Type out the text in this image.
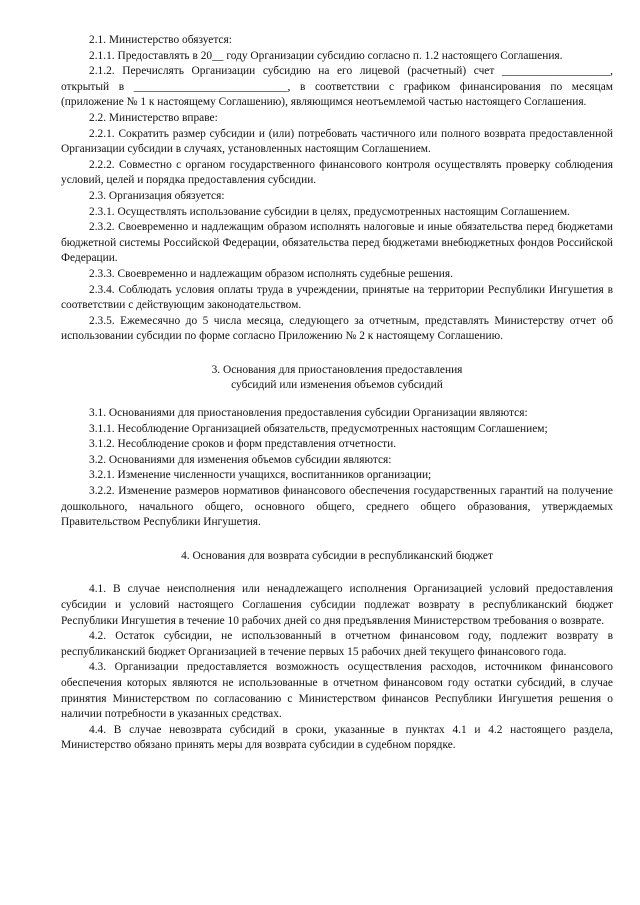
2.1. Министерство обязуется:

2.1.1. Предоставлять в 20__ году Организации субсидию согласно п. 1.2 настоящего Соглашения.

2.1.2. Перечислять Организации субсидию на его лицевой (расчетный) счет ___________________, открытый в ___________________________, в соответствии с графиком финансирования по месяцам (приложение № 1 к настоящему Соглашению), являющимся неотъемлемой частью настоящего Соглашения.

2.2. Министерство вправе:

2.2.1. Сократить размер субсидии и (или) потребовать частичного или полного возврата предоставленной Организации субсидии в случаях, установленных настоящим Соглашением.

2.2.2. Совместно с органом государственного финансового контроля осуществлять проверку соблюдения условий, целей и порядка предоставления субсидии.

2.3. Организация обязуется:

2.3.1. Осуществлять использование субсидии в целях, предусмотренных настоящим Соглашением.

2.3.2. Своевременно и надлежащим образом исполнять налоговые и иные обязательства перед бюджетами бюджетной системы Российской Федерации, обязательства перед бюджетами внебюджетных фондов Российской Федерации.

2.3.3. Своевременно и надлежащим образом исполнять судебные решения.

2.3.4. Соблюдать условия оплаты труда в учреждении, принятые на территории Республики Ингушетия в соответствии с действующим законодательством.

2.3.5. Ежемесячно до 5 числа месяца, следующего за отчетным, представлять Министерству отчет об использовании субсидии по форме согласно Приложению № 2 к настоящему Соглашению.

3. Основания для приостановления предоставления

субсидий или изменения объемов субсидий

3.1. Основаниями для приостановления предоставления субсидии Организации являются:

3.1.1. Несоблюдение Организацией обязательств, предусмотренных настоящим Соглашением;

3.1.2. Несоблюдение сроков и форм представления отчетности.

3.2. Основаниями для изменения объемов субсидии являются:

3.2.1. Изменение численности учащихся, воспитанников организации;

3.2.2. Изменение размеров нормативов финансового обеспечения государственных гарантий на получение дошкольного, начального общего, основного общего, среднего общего образования, утверждаемых Правительством Республики Ингушетия.

4. Основания для возврата субсидии в республиканский бюджет

4.1. В случае неисполнения или ненадлежащего исполнения Организацией условий предоставления субсидии и условий настоящего Соглашения субсидии подлежат возврату в республиканский бюджет Республики Ингушетия в течение 10 рабочих дней со дня предъявления Министерством требования о возврате.

4.2. Остаток субсидии, не использованный в отчетном финансовом году, подлежит возврату в республиканский бюджет Организацией в течение первых 15 рабочих дней текущего финансового года.

4.3. Организации предоставляется возможность осуществления расходов, источником финансового обеспечения которых являются не использованные в отчетном финансовом году остатки субсидий, в случае принятия Министерством по согласованию с Министерством финансов Республики Ингушетия решения о наличии потребности в указанных средствах.

4.4. В случае невозврата субсидий в сроки, указанные в пунктах 4.1 и 4.2 настоящего раздела, Министерство обязано принять меры для возврата субсидии в судебном порядке.
